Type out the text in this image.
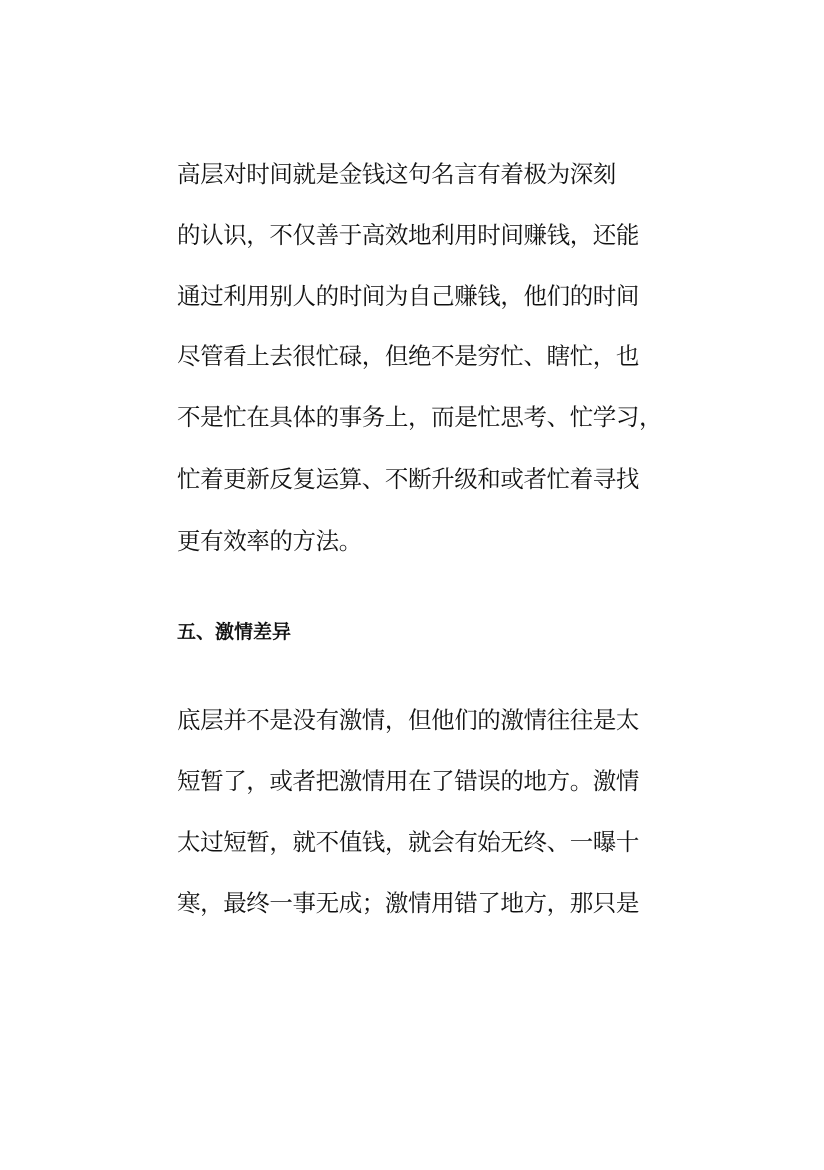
高层对时间就是金钱这句名言有着极为深刻

的认识，不仅善于高效地利用时间赚钱，还能

通过利用别人的时间为自己赚钱，他们的时间

尽管看上去很忙碌，但绝不是穷忙、瞎忙，也

不是忙在具体的事务上，而是忙思考、忙学习，

忙着更新反复运算、不断升级和或者忙着寻找

更有效率的方法。

五、激情差异

底层并不是没有激情，但他们的激情往往是太

短暂了，或者把激情用在了错误的地方。激情

太过短暂，就不值钱，就会有始无终、一曝十

寒，最终一事无成；激情用错了地方，那只是
